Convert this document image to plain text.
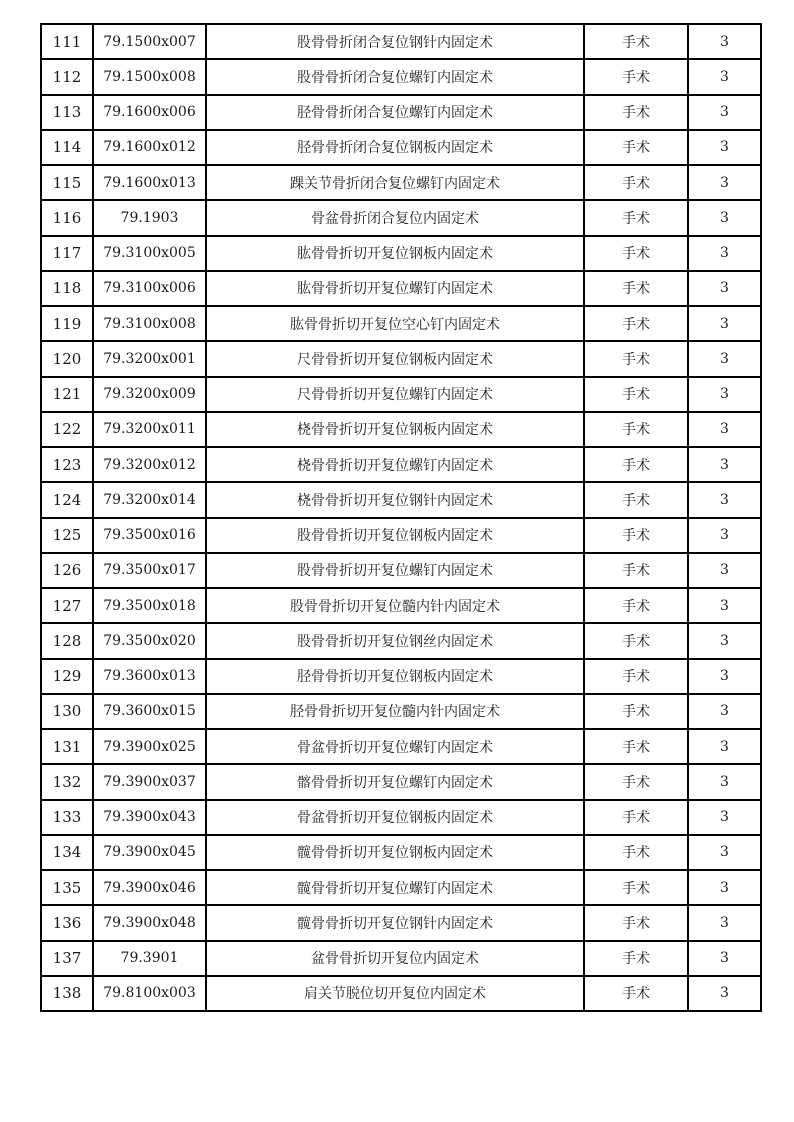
111	79.1500x007	股骨骨折闭合复位钢针内固定术	手术	3
112	79.1500x008	股骨骨折闭合复位螺钉内固定术	手术	3
113	79.1600x006	胫骨骨折闭合复位螺钉内固定术	手术	3
114	79.1600x012	胫骨骨折闭合复位钢板内固定术	手术	3
115	79.1600x013	踝关节骨折闭合复位螺钉内固定术	手术	3
116	79.1903	骨盆骨折闭合复位内固定术	手术	3
117	79.3100x005	肱骨骨折切开复位钢板内固定术	手术	3
118	79.3100x006	肱骨骨折切开复位螺钉内固定术	手术	3
119	79.3100x008	肱骨骨折切开复位空心钉内固定术	手术	3
120	79.3200x001	尺骨骨折切开复位钢板内固定术	手术	3
121	79.3200x009	尺骨骨折切开复位螺钉内固定术	手术	3
122	79.3200x011	桡骨骨折切开复位钢板内固定术	手术	3
123	79.3200x012	桡骨骨折切开复位螺钉内固定术	手术	3
124	79.3200x014	桡骨骨折切开复位钢针内固定术	手术	3
125	79.3500x016	股骨骨折切开复位钢板内固定术	手术	3
126	79.3500x017	股骨骨折切开复位螺钉内固定术	手术	3
127	79.3500x018	股骨骨折切开复位髓内针内固定术	手术	3
128	79.3500x020	股骨骨折切开复位钢丝内固定术	手术	3
129	79.3600x013	胫骨骨折切开复位钢板内固定术	手术	3
130	79.3600x015	胫骨骨折切开复位髓内针内固定术	手术	3
131	79.3900x025	骨盆骨折切开复位螺钉内固定术	手术	3
132	79.3900x037	髂骨骨折切开复位螺钉内固定术	手术	3
133	79.3900x043	骨盆骨折切开复位钢板内固定术	手术	3
134	79.3900x045	髋骨骨折切开复位钢板内固定术	手术	3
135	79.3900x046	髋骨骨折切开复位螺钉内固定术	手术	3
136	79.3900x048	髋骨骨折切开复位钢针内固定术	手术	3
137	79.3901	盆骨骨折切开复位内固定术	手术	3
138	79.8100x003	肩关节脱位切开复位内固定术	手术	3
